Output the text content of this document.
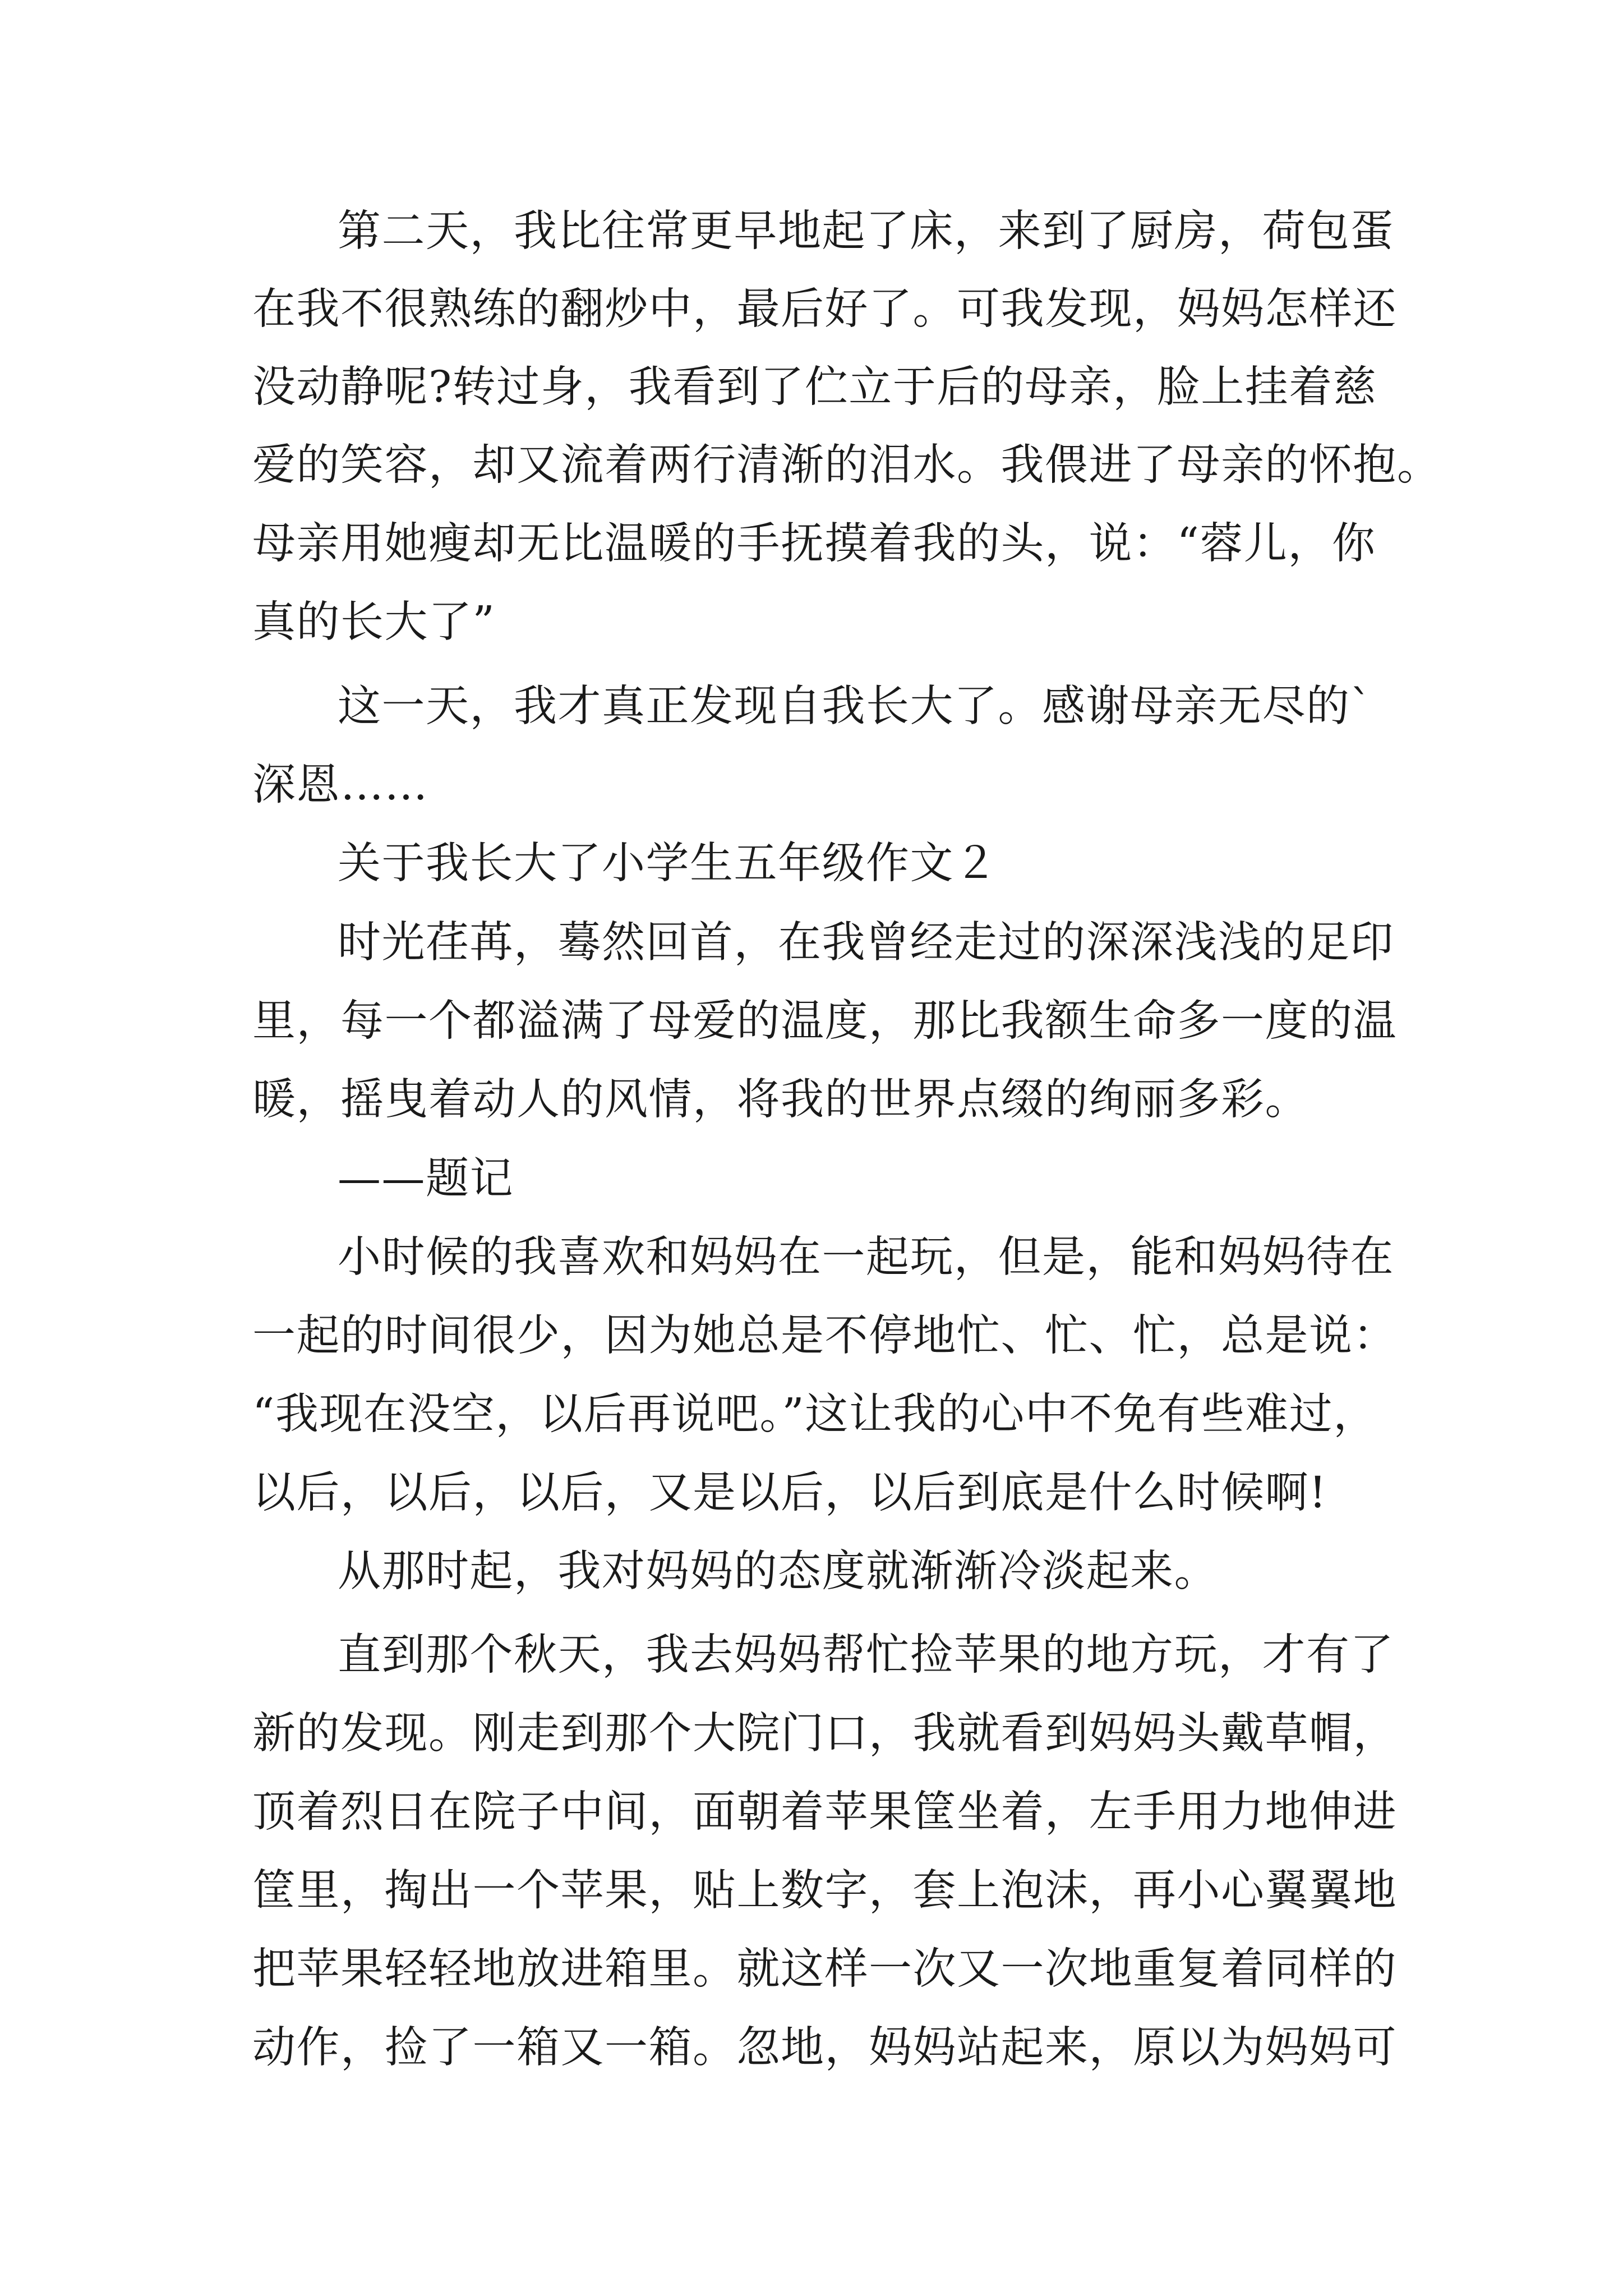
第二天，我比往常更早地起了床，来到了厨房，荷包蛋
在我不很熟练的翻炒中，最后好了。可我发现，妈妈怎样还
没动静呢?转过身，我看到了伫立于后的母亲，脸上挂着慈
爱的笑容，却又流着两行清渐的泪水。我偎进了母亲的怀抱。
母亲用她瘦却无比温暖的手抚摸着我的头，说：“蓉儿，你
真的长大了”
这一天，我才真正发现自我长大了。感谢母亲无尽的`
深恩……
关于我长大了小学生五年级作文２
时光荏苒，蓦然回首，在我曾经走过的深深浅浅的足印
里，每一个都溢满了母爱的温度，那比我额生命多一度的温
暖，摇曳着动人的风情，将我的世界点缀的绚丽多彩。
——题记
小时候的我喜欢和妈妈在一起玩，但是，能和妈妈待在
一起的时间很少，因为她总是不停地忙、忙、忙，总是说：
“我现在没空，以后再说吧。”这让我的心中不免有些难过，
以后，以后，以后，又是以后，以后到底是什么时候啊!
从那时起，我对妈妈的态度就渐渐冷淡起来。
直到那个秋天，我去妈妈帮忙捡苹果的地方玩，才有了
新的发现。刚走到那个大院门口，我就看到妈妈头戴草帽，
顶着烈日在院子中间，面朝着苹果筐坐着，左手用力地伸进
筐里，掏出一个苹果，贴上数字，套上泡沫，再小心翼翼地
把苹果轻轻地放进箱里。就这样一次又一次地重复着同样的
动作，捡了一箱又一箱。忽地，妈妈站起来，原以为妈妈可
